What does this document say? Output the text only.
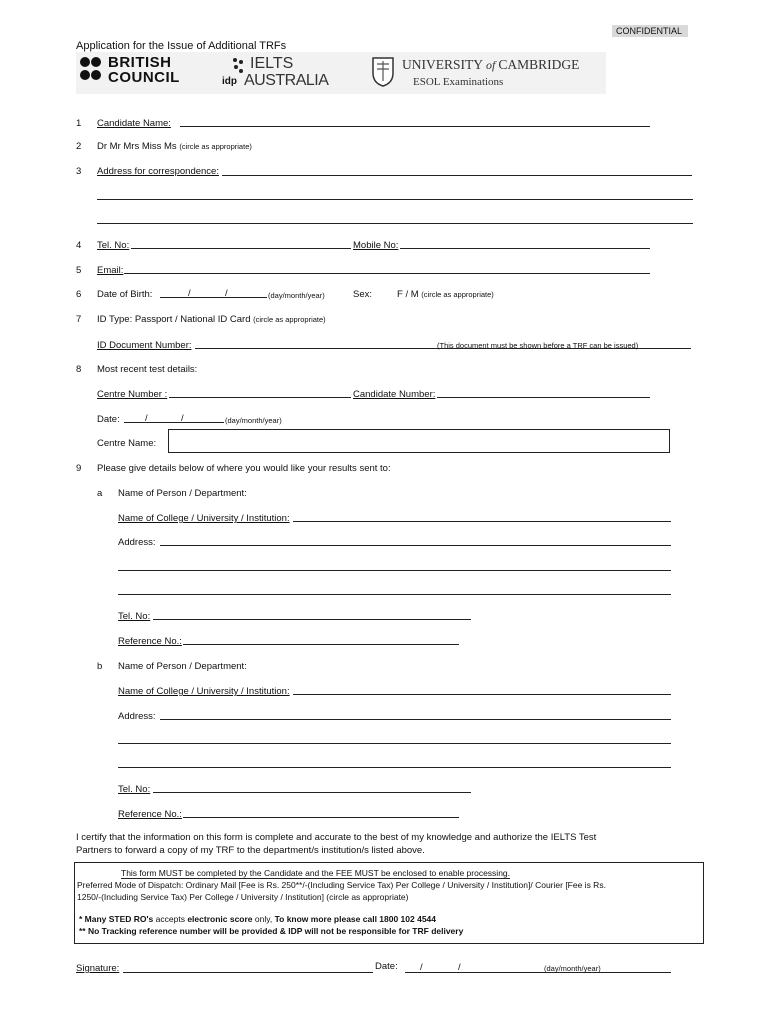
CONFIDENTIAL
Application for the Issue of Additional TRFs
BRITISH
COUNCIL
IELTS
idp AUSTRALIA
UNIVERSITY of CAMBRIDGE
ESOL Examinations
1 Candidate Name:
2 Dr Mr Mrs Miss Ms (circle as appropriate)
3 Address for correspondence:
4 Tel. No:	Mobile No:
5 Email:
6 Date of Birth:	/	/	(day/month/year)	Sex:	F / M (circle as appropriate)
7 ID Type: Passport / National ID Card (circle as appropriate)
ID Document Number:	(This document must be shown before a TRF can be issued)
8 Most recent test details:
Centre Number :	Candidate Number:
Date:	/	/	(day/month/year)
Centre Name:
9 Please give details below of where you would like your results sent to:
a Name of Person / Department:
Name of College / University / Institution:
Address:
Tel. No:
Reference No.:
b Name of Person / Department:
Name of College / University / Institution:
Address:
Tel. No:
Reference No.:
I certify that the information on this form is complete and accurate to the best of my knowledge and authorize the IELTS Test
Partners to forward a copy of my TRF to the department/s institution/s listed above.
This form MUST be completed by the Candidate and the FEE MUST be enclosed to enable processing.
Preferred Mode of Dispatch: Ordinary Mail [Fee is Rs. 250**/-(Including Service Tax) Per College / University / Institution]/ Courier [Fee is Rs.
1250/-(Including Service Tax) Per College / University / Institution] (circle as appropriate)
* Many STED RO's accepts electronic score only, To know more please call 1800 102 4544
** No Tracking reference number will be provided & IDP will not be responsible for TRF delivery
Signature:	Date: /	/	(day/month/year)
